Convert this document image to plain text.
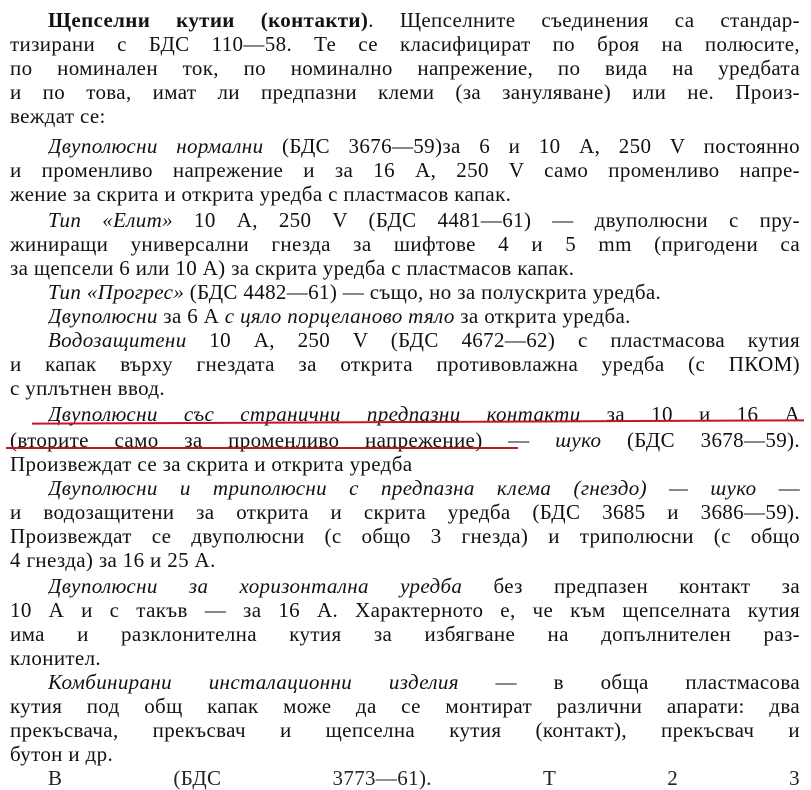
Щепселни кутии (контакти). Щепселните съединения са стандар-
тизирани с БДС 110—58. Те се класифицират по броя на полюсите,
по номинален ток, по номинално напрежение, по вида на уредбата
и по това, имат ли предпазни клеми (за зануляване) или не. Произ-
веждат се:
Двуполюсни нормални (БДС 3676—59)за 6 и 10 А, 250 V постоянно
и променливо напрежение и за 16 А, 250 V само променливо напре-
жение за скрита и открита уредба с пластмасов капак.
Тип «Елит» 10 А, 250 V (БДС 4481—61) — двуполюсни с пру-
жиниращи универсални гнезда за шифтове 4 и 5 mm (пригодени са
за щепсели 6 или 10 А) за скрита уредба с пластмасов капак.
Тип «Прогрес» (БДС 4482—61) — също, но за полускрита уредба.
Двуполюсни за 6 А с цяло порцеланово тяло за открита уредба.
Водозащитени 10 А, 250 V (БДС 4672—62) с пластмасова кутия
и капак върху гнездата за открита противовлажна уредба (с ПКОМ)
с уплътнен ввод.
Двуполюсни със странични предпазни контакти за 10 и 16 А
(вторите само за променливо напрежение) — шуко (БДС 3678—59).
Произвеждат се за скрита и открита уредба
Двуполюсни и триполюсни с предпазна клема (гнездо) — шуко —
и водозащитени за открита и скрита уредба (БДС 3685 и 3686—59).
Произвеждат се двуполюсни (с общо 3 гнезда) и триполюсни (с общо
4 гнезда) за 16 и 25 А.
Двуполюсни за хоризонтална уредба без предпазен контакт за
10 А и с такъв — за 16 А. Характерното е, че към щепселната кутия
има и разклонителна кутия за избягване на допълнителен раз-
клонител.
Комбинирани инсталационни изделия — в обща пластмасова
кутия под общ капак може да се монтират различни апарати: два
прекъсвача, прекъсвач и щепселна кутия (контакт), прекъсвач и
бутон и др.
В (БДС 3773—61). Т 2 3
